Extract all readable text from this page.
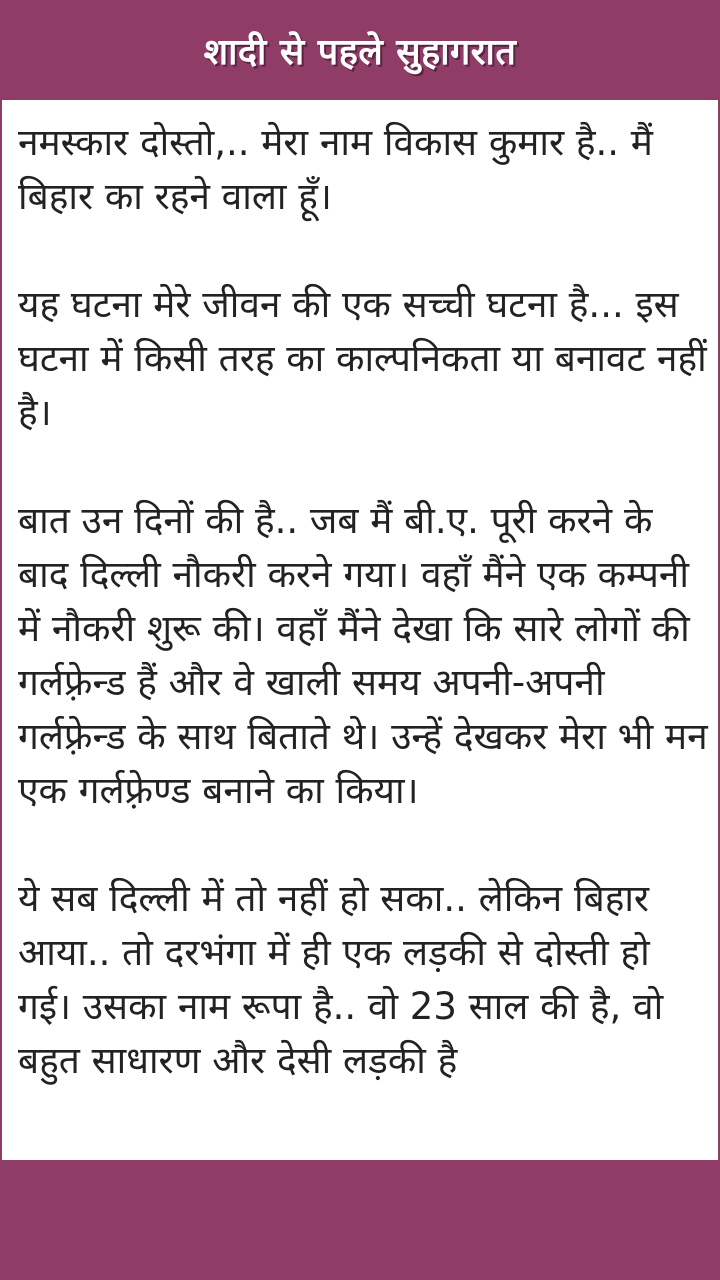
शादी से पहले सुहागरात

नमस्कार दोस्तो,.. मेरा नाम विकास कुमार है.. मैं बिहार का रहने वाला हूँ।

यह घटना मेरे जीवन की एक सच्ची घटना है... इस घटना में किसी तरह का काल्पनिकता या बनावट नहीं है।

बात उन दिनों की है.. जब मैं बी.ए. पूरी करने के बाद दिल्ली नौकरी करने गया। वहाँ मैंने एक कम्पनी में नौकरी शुरू की। वहाँ मैंने देखा कि सारे लोगों की गर्लफ़्रेन्ड हैं और वे खाली समय अपनी-अपनी गर्लफ़्रेन्ड के साथ बिताते थे। उन्हें देखकर मेरा भी मन एक गर्लफ़्रेण्ड बनाने का किया।

ये सब दिल्ली में तो नहीं हो सका.. लेकिन बिहार आया.. तो दरभंगा में ही एक लड़की से दोस्ती हो गई। उसका नाम रूपा है.. वो 23 साल की है, वो बहुत साधारण और देसी लड़की है
